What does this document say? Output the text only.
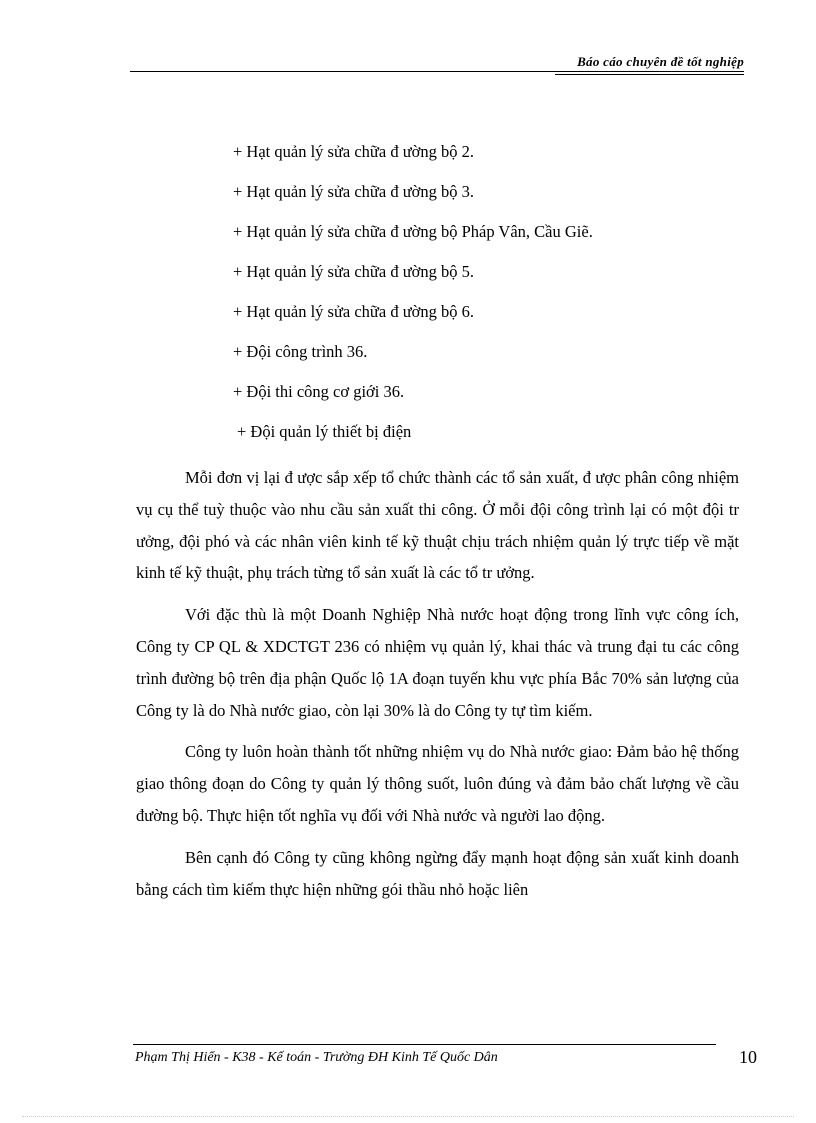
Báo cáo chuyên đề tốt nghiệp
+ Hạt quản lý sửa chữa đ ường bộ 2.
+ Hạt quản lý sửa chữa đ ường bộ 3.
+ Hạt quản lý sửa chữa đ ường bộ Pháp Vân, Cầu Giẽ.
+ Hạt quản lý sửa chữa đ ường bộ 5.
+ Hạt quản lý sửa chữa đ ường bộ 6.
+ Đội công trình 36.
+ Đội thi công cơ giới 36.
+ Đội quản lý thiết bị điện

Mỗi đơn vị lại đ ược sắp xếp tổ chức thành các tổ sản xuất, đ ược phân công nhiệm vụ cụ thể tuỳ thuộc vào nhu cầu sản xuất thi công. Ở mỗi đội công trình lại có một đội tr ưởng, đội phó và các nhân viên kinh tế kỹ thuật chịu trách nhiệm quản lý trực tiếp về mặt kinh tế kỹ thuật, phụ trách từng tổ sản xuất là các tổ tr ưởng.

Với đặc thù là một Doanh Nghiệp Nhà nước hoạt động trong lĩnh vực công ích, Công ty CP QL & XDCTGT 236 có nhiệm vụ quản lý, khai thác và trung đại tu các công trình đường bộ trên địa phận Quốc lộ 1A đoạn tuyến khu vực phía Bắc 70% sản lượng của Công ty là do Nhà nước giao, còn lại 30% là do Công ty tự tìm kiếm.

Công ty luôn hoàn thành tốt những nhiệm vụ do Nhà nước giao: Đảm bảo hệ thống giao thông đoạn do Công ty quản lý thông suốt, luôn đúng và đảm bảo chất lượng về cầu đường bộ. Thực hiện tốt nghĩa vụ đối với Nhà nước và người lao động.

Bên cạnh đó Công ty cũng không ngừng đẩy mạnh hoạt động sản xuất kinh doanh bằng cách tìm kiếm thực hiện những gói thầu nhỏ hoặc liên

Phạm Thị Hiển - K38 - Kế toán - Trường ĐH Kinh Tế Quốc Dân	10
